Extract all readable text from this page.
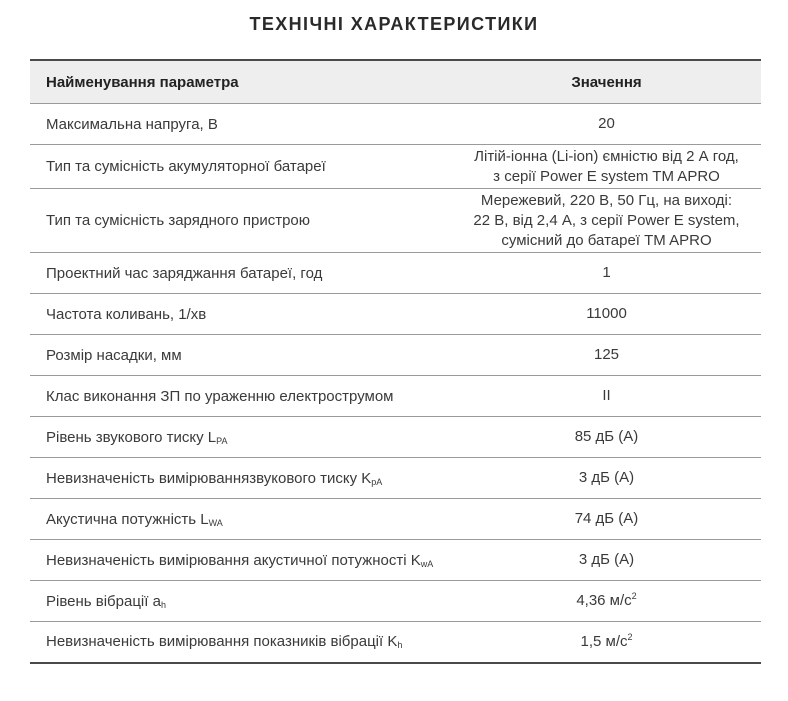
ТЕХНІЧНІ ХАРАКТЕРИСТИКИ
Найменування параметра	Значення
Максимальна напруга, В	20
Тип та сумісність акумуляторної батареї	Літій-іонна (Li-ion) ємністю від 2 А год,
з серії Power E system TM APRO
Тип та сумісність зарядного пристрою	Мережевий, 220 В, 50 Гц, на виході:
22 В, від 2,4 А, з серії Power E system,
сумісний до батареї TM APRO
Проектний час заряджання батареї, год	1
Частота коливань, 1/хв	11000
Розмір насадки, мм	125
Клас виконання ЗП по ураженню електрострумом	II
Рівень звукового тиску $L_{PA}$	85 дБ (A)
Невизначеність вимірюваннязвукового тиску $K_{pA}$	3 дБ (A)
Акустична потужність $L_{WA}$	74 дБ (A)
Невизначеність вимірювання акустичної потужності $K_{wA}$	3 дБ (A)
Рівень вібрації $a_h$	4,36 $м/с^2$
Невизначеність вимірювання показників вібрації $K_h$	1,5 $м/с^2$
